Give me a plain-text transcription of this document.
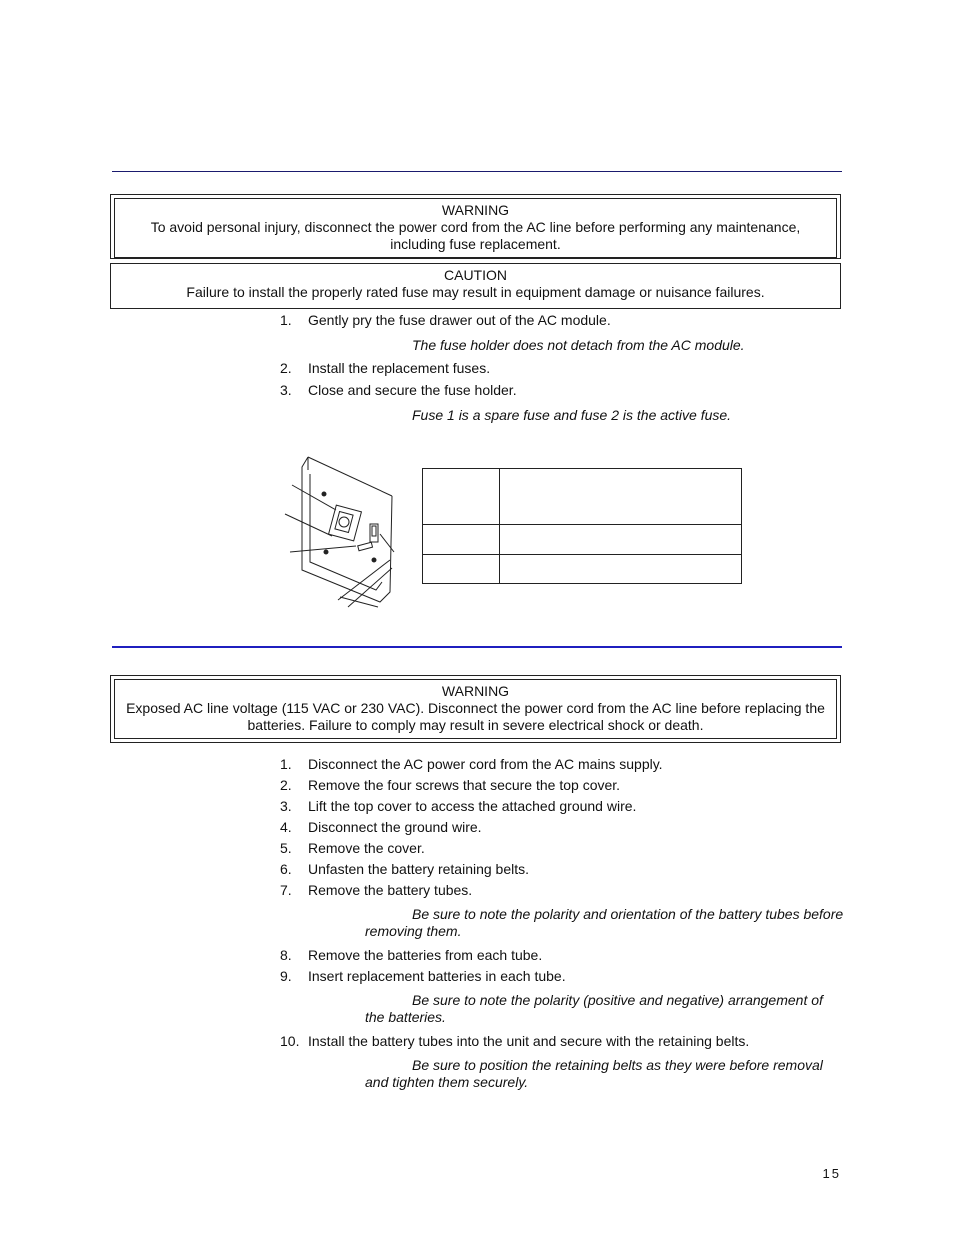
WARNING
To avoid personal injury, disconnect the power cord from the AC line before performing any maintenance, including fuse replacement.
CAUTION
Failure to install the properly rated fuse may result in equipment damage or nuisance failures.
1. Gently pry the fuse drawer out of the AC module.
The fuse holder does not detach from the AC module.
2. Install the replacement fuses.
3. Close and secure the fuse holder.
Fuse 1 is a spare fuse and fuse 2 is the active fuse.

WARNING
Exposed AC line voltage (115 VAC or 230 VAC). Disconnect the power cord from the AC line before replacing the batteries. Failure to comply may result in severe electrical shock or death.
1. Disconnect the AC power cord from the AC mains supply.
2. Remove the four screws that secure the top cover.
3. Lift the top cover to access the attached ground wire.
4. Disconnect the ground wire.
5. Remove the cover.
6. Unfasten the battery retaining belts.
7. Remove the battery tubes.
Be sure to note the polarity and orientation of the battery tubes before removing them.
8. Remove the batteries from each tube.
9. Insert replacement batteries in each tube.
Be sure to note the polarity (positive and negative) arrangement of the batteries.
10. Install the battery tubes into the unit and secure with the retaining belts.
Be sure to position the retaining belts as they were before removal and tighten them securely.
15
